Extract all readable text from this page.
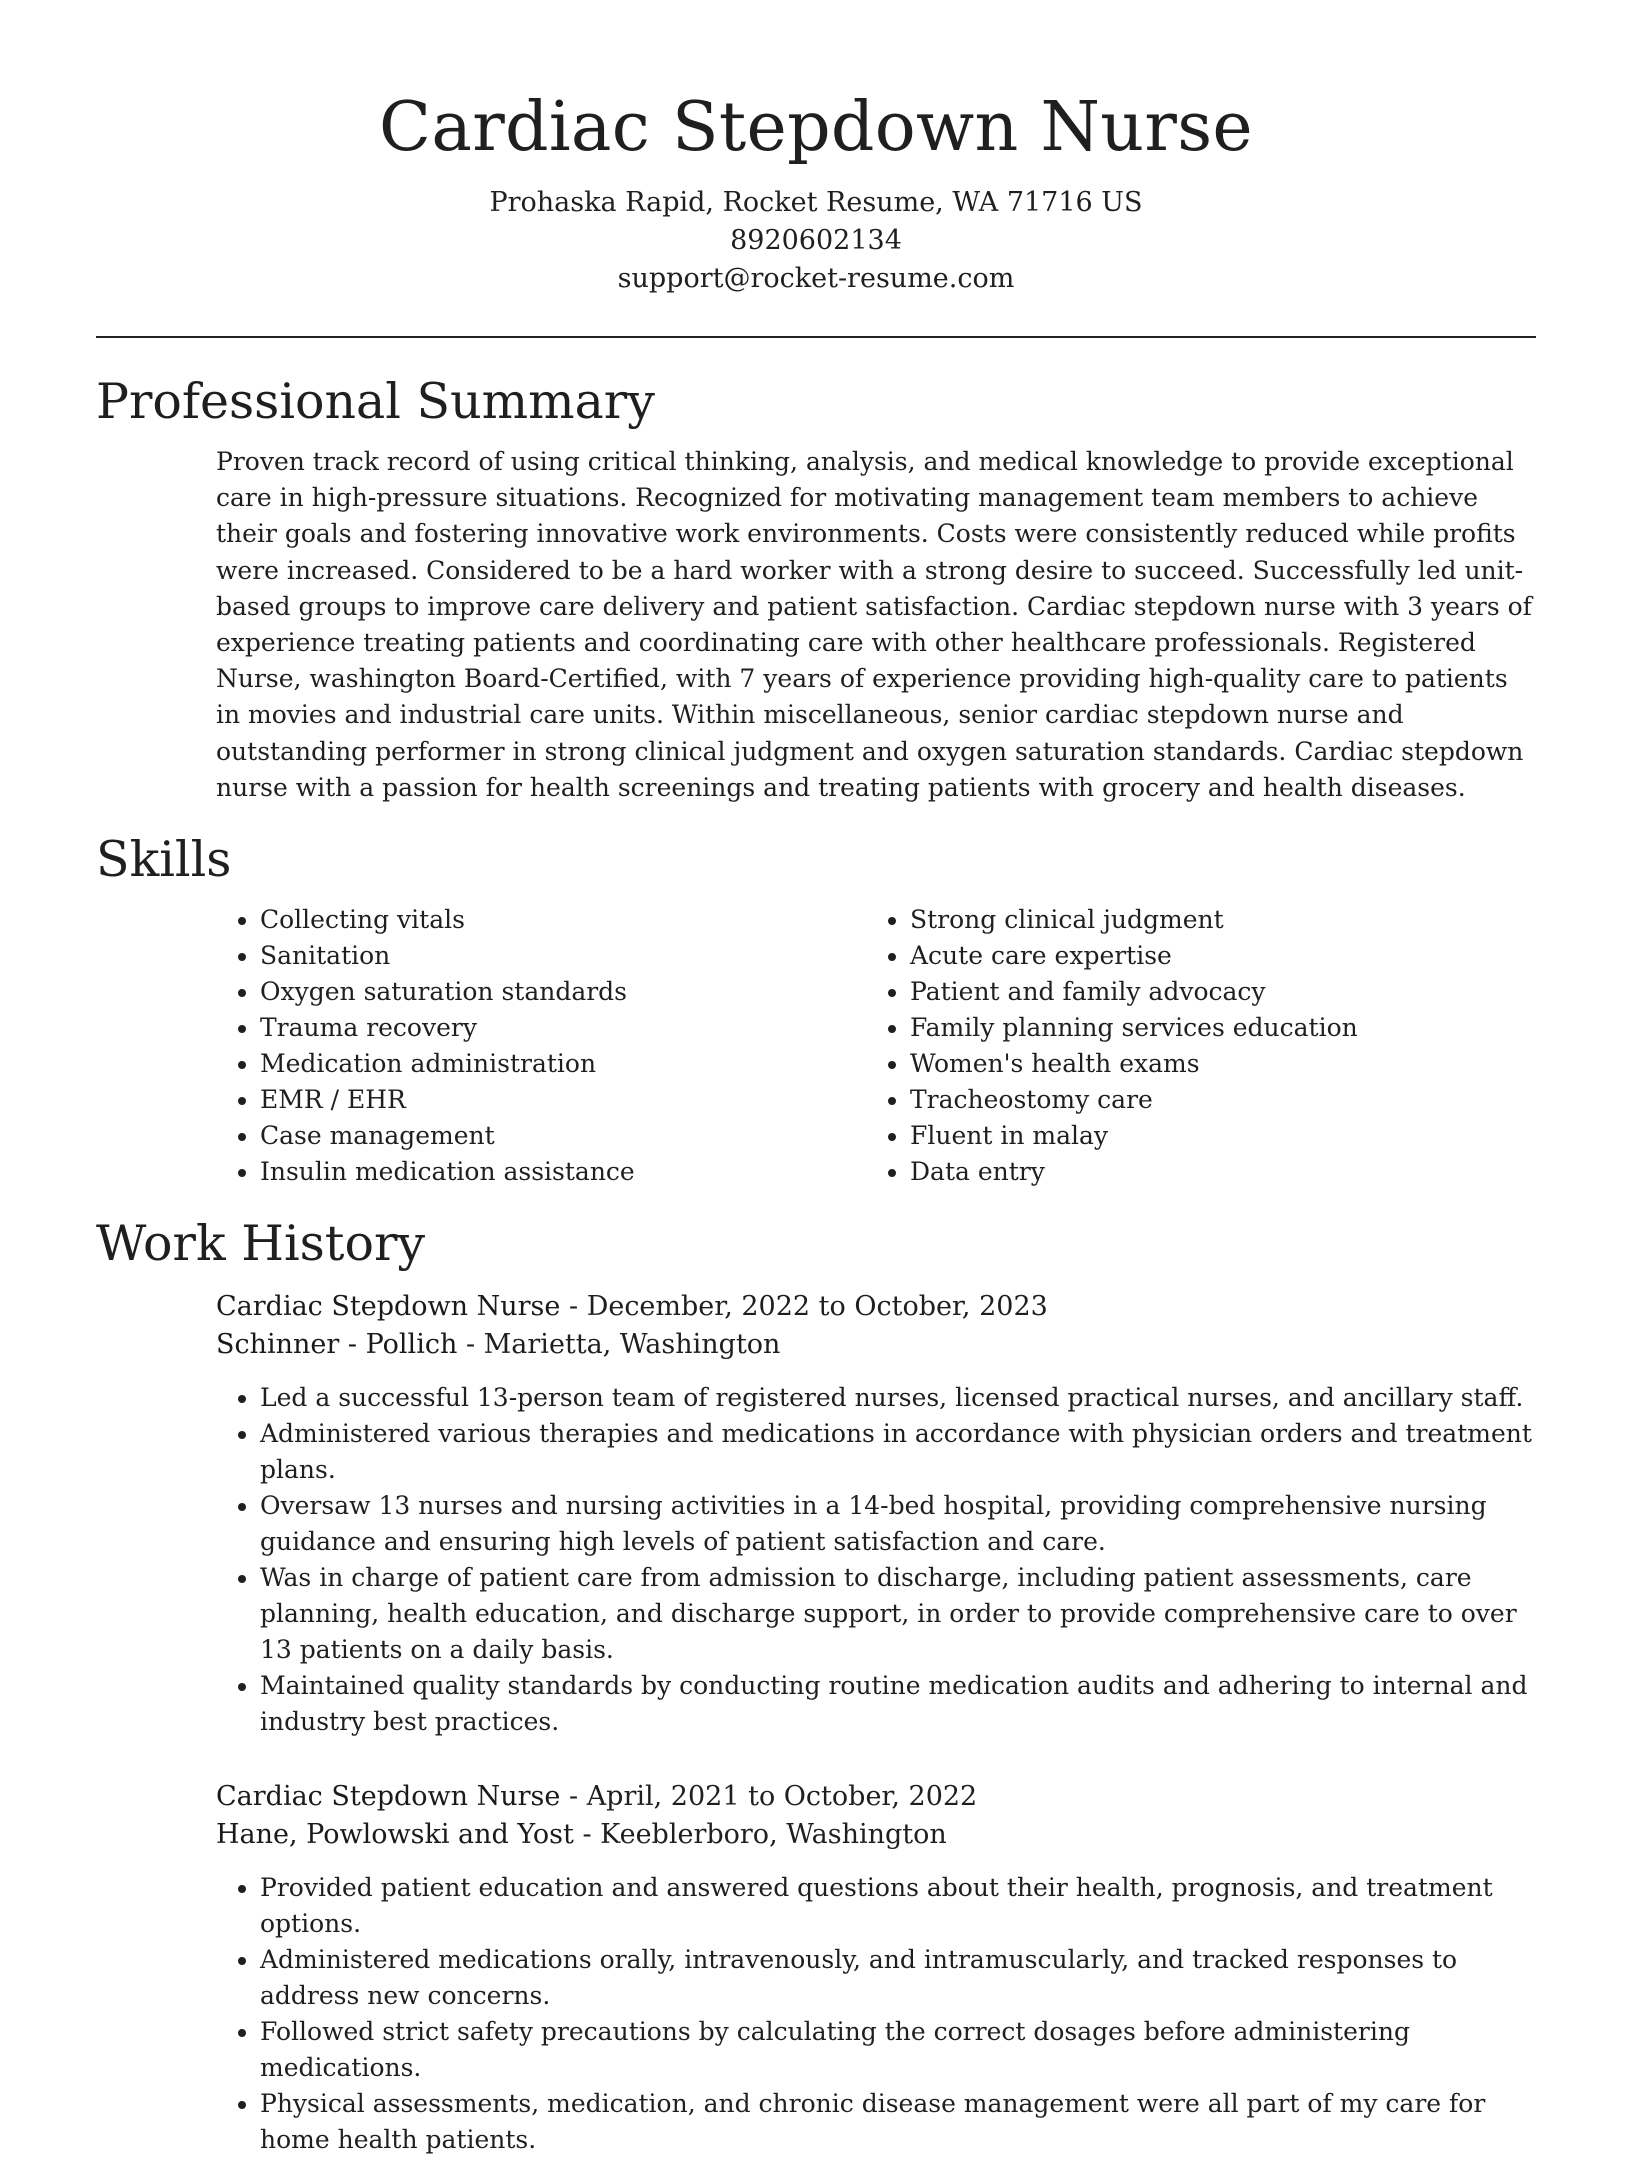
Cardiac Stepdown Nurse
Prohaska Rapid, Rocket Resume, WA 71716 US
8920602134
support@rocket-resume.com
Professional Summary

Proven track record of using critical thinking, analysis, and medical knowledge to provide exceptional care in high-pressure situations. Recognized for motivating management team members to achieve their goals and fostering innovative work environments. Costs were consistently reduced while profits were increased. Considered to be a hard worker with a strong desire to succeed. Successfully led unit-based groups to improve care delivery and patient satisfaction. Cardiac stepdown nurse with 3 years of experience treating patients and coordinating care with other healthcare professionals. Registered Nurse, washington Board-Certified, with 7 years of experience providing high-quality care to patients in movies and industrial care units. Within miscellaneous, senior cardiac stepdown nurse and outstanding performer in strong clinical judgment and oxygen saturation standards. Cardiac stepdown nurse with a passion for health screenings and treating patients with grocery and health diseases.

Skills
• Collecting vitals
• Sanitation
• Oxygen saturation standards
• Trauma recovery
• Medication administration
• EMR / EHR
• Case management
• Insulin medication assistance
• Strong clinical judgment
• Acute care expertise
• Patient and family advocacy
• Family planning services education
• Women's health exams
• Tracheostomy care
• Fluent in malay
• Data entry
Work History
Cardiac Stepdown Nurse - December, 2022 to October, 2023
Schinner - Pollich - Marietta, Washington
• Led a successful 13-person team of registered nurses, licensed practical nurses, and ancillary staff.
• Administered various therapies and medications in accordance with physician orders and treatment plans.
• Oversaw 13 nurses and nursing activities in a 14-bed hospital, providing comprehensive nursing guidance and ensuring high levels of patient satisfaction and care.
• Was in charge of patient care from admission to discharge, including patient assessments, care planning, health education, and discharge support, in order to provide comprehensive care to over 13 patients on a daily basis.
• Maintained quality standards by conducting routine medication audits and adhering to internal and industry best practices.
Cardiac Stepdown Nurse - April, 2021 to October, 2022
Hane, Powlowski and Yost - Keeblerboro, Washington
• Provided patient education and answered questions about their health, prognosis, and treatment options.
• Administered medications orally, intravenously, and intramuscularly, and tracked responses to address new concerns.
• Followed strict safety precautions by calculating the correct dosages before administering medications.
• Physical assessments, medication, and chronic disease management were all part of my care for home health patients.
